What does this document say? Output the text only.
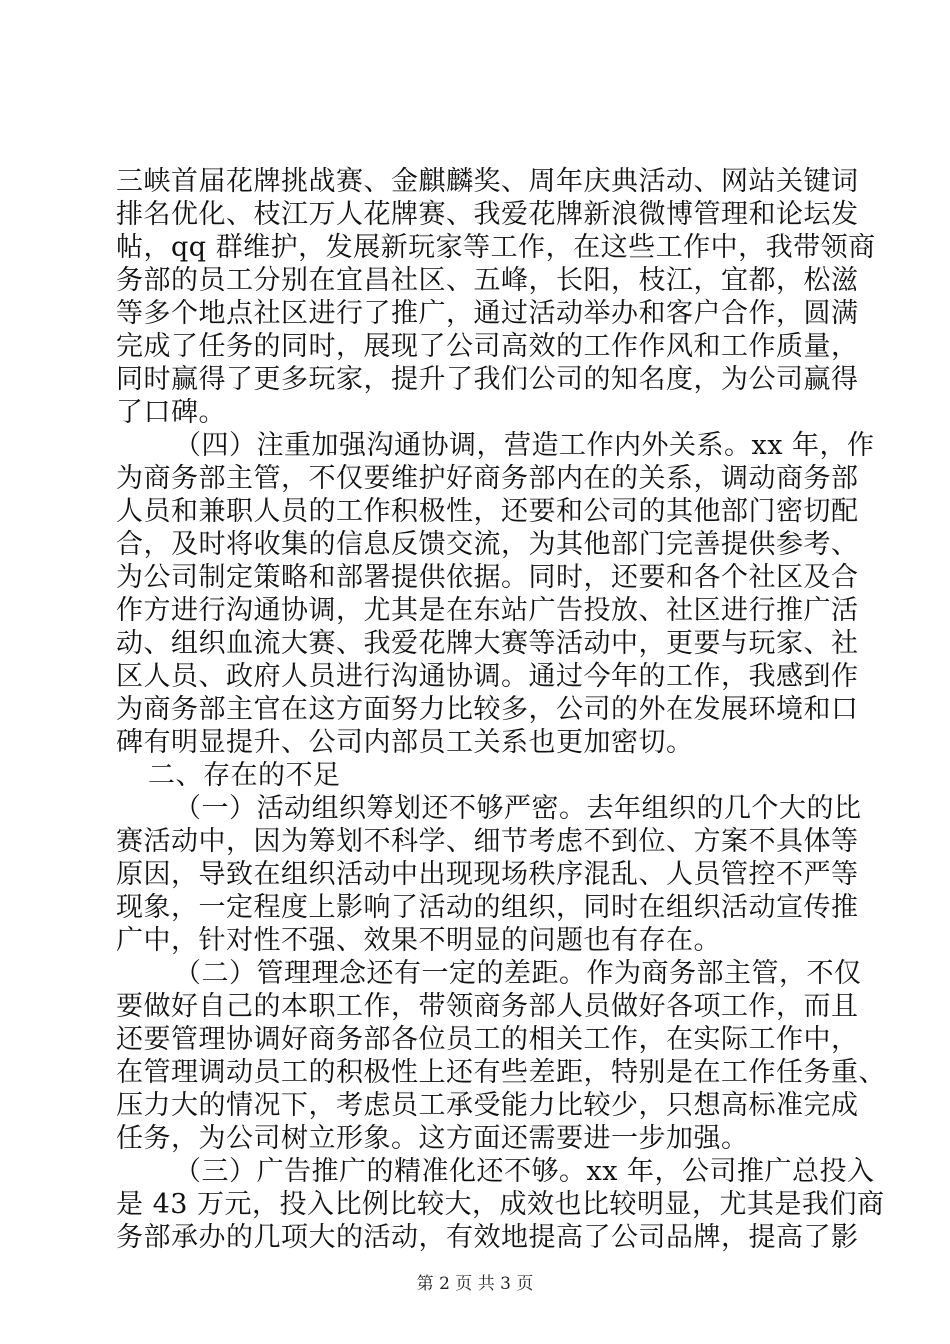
三峡首届花牌挑战赛、金麒麟奖、周年庆典活动、网站关键词
排名优化、枝江万人花牌赛、我爱花牌新浪微博管理和论坛发
帖，qq 群维护，发展新玩家等工作，在这些工作中，我带领商
务部的员工分别在宜昌社区、五峰，长阳，枝江，宜都，松滋
等多个地点社区进行了推广，通过活动举办和客户合作，圆满
完成了任务的同时，展现了公司高效的工作作风和工作质量，
同时赢得了更多玩家，提升了我们公司的知名度，为公司赢得
了口碑。
（四）注重加强沟通协调，营造工作内外关系。xx 年，作
为商务部主管，不仅要维护好商务部内在的关系，调动商务部
人员和兼职人员的工作积极性，还要和公司的其他部门密切配
合，及时将收集的信息反馈交流，为其他部门完善提供参考、
为公司制定策略和部署提供依据。同时，还要和各个社区及合
作方进行沟通协调，尤其是在东站广告投放、社区进行推广活
动、组织血流大赛、我爱花牌大赛等活动中，更要与玩家、社
区人员、政府人员进行沟通协调。通过今年的工作，我感到作
为商务部主官在这方面努力比较多，公司的外在发展环境和口
碑有明显提升、公司内部员工关系也更加密切。
二、存在的不足
（一）活动组织筹划还不够严密。去年组织的几个大的比
赛活动中，因为筹划不科学、细节考虑不到位、方案不具体等
原因，导致在组织活动中出现现场秩序混乱、人员管控不严等
现象，一定程度上影响了活动的组织，同时在组织活动宣传推
广中，针对性不强、效果不明显的问题也有存在。
（二）管理理念还有一定的差距。作为商务部主管，不仅
要做好自己的本职工作，带领商务部人员做好各项工作，而且
还要管理协调好商务部各位员工的相关工作，在实际工作中，
在管理调动员工的积极性上还有些差距，特别是在工作任务重、
压力大的情况下，考虑员工承受能力比较少，只想高标准完成
任务，为公司树立形象。这方面还需要进一步加强。
（三）广告推广的精准化还不够。xx 年，公司推广总投入
是 43 万元，投入比例比较大，成效也比较明显，尤其是我们商
务部承办的几项大的活动，有效地提高了公司品牌，提高了影
第 2 页 共 3 页
